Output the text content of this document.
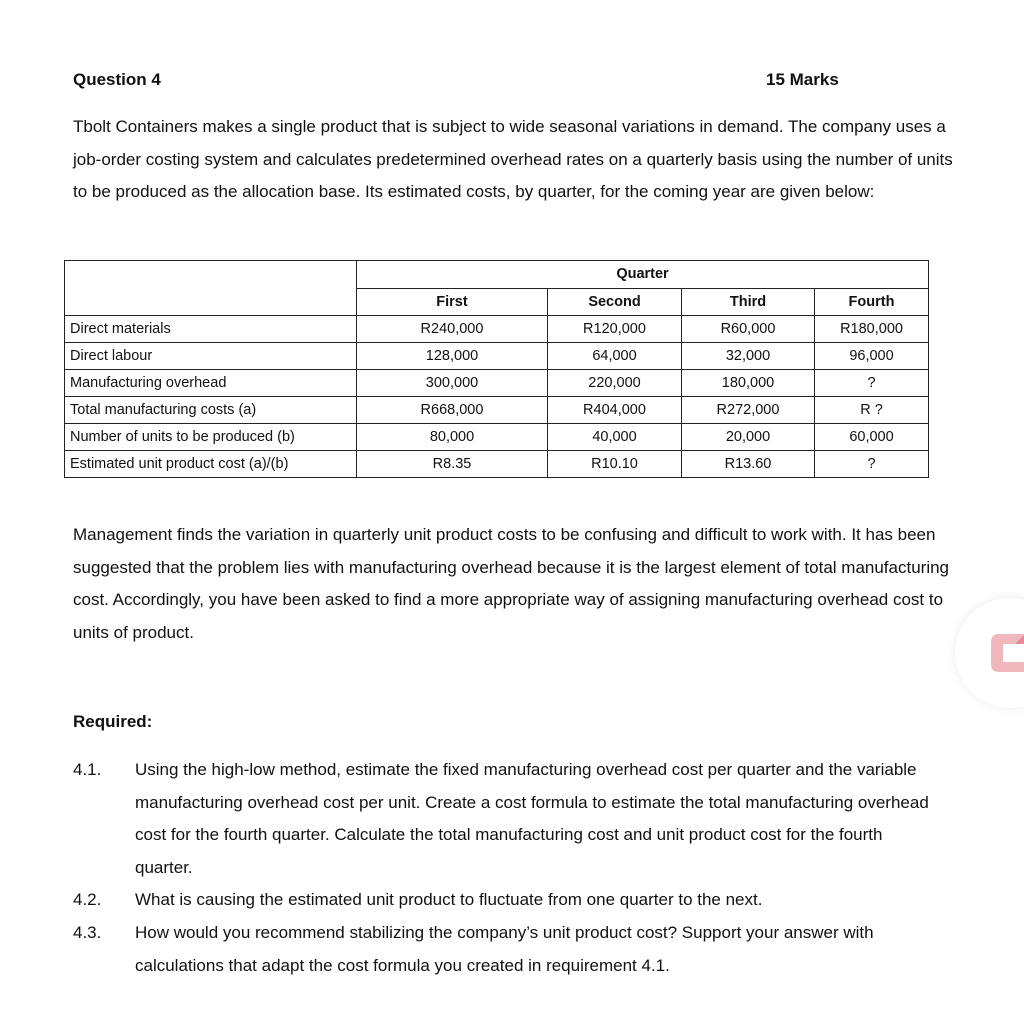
Question 4	15 Marks

Tbolt Containers makes a single product that is subject to wide seasonal variations in demand. The company uses a job-order costing system and calculates predetermined overhead rates on a quarterly basis using the number of units to be produced as the allocation base. Its estimated costs, by quarter, for the coming year are given below:

	Quarter			
	First	Second	Third	Fourth
Direct materials	R240,000	R120,000	R60,000	R180,000
Direct labour	128,000	64,000	32,000	96,000
Manufacturing overhead	300,000	220,000	180,000	?
Total manufacturing costs (a)	R668,000	R404,000	R272,000	R ?
Number of units to be produced (b)	80,000	40,000	20,000	60,000
Estimated unit product cost (a)/(b)	R8.35	R10.10	R13.60	?

Management finds the variation in quarterly unit product costs to be confusing and difficult to work with. It has been suggested that the problem lies with manufacturing overhead because it is the largest element of total manufacturing cost. Accordingly, you have been asked to find a more appropriate way of assigning manufacturing overhead cost to units of product.

Required:
4.1. Using the high-low method, estimate the fixed manufacturing overhead cost per quarter and the variable manufacturing overhead cost per unit. Create a cost formula to estimate the total manufacturing overhead cost for the fourth quarter. Calculate the total manufacturing cost and unit product cost for the fourth quarter.
4.2. What is causing the estimated unit product to fluctuate from one quarter to the next.
4.3. How would you recommend stabilizing the company’s unit product cost? Support your answer with calculations that adapt the cost formula you created in requirement 4.1.
